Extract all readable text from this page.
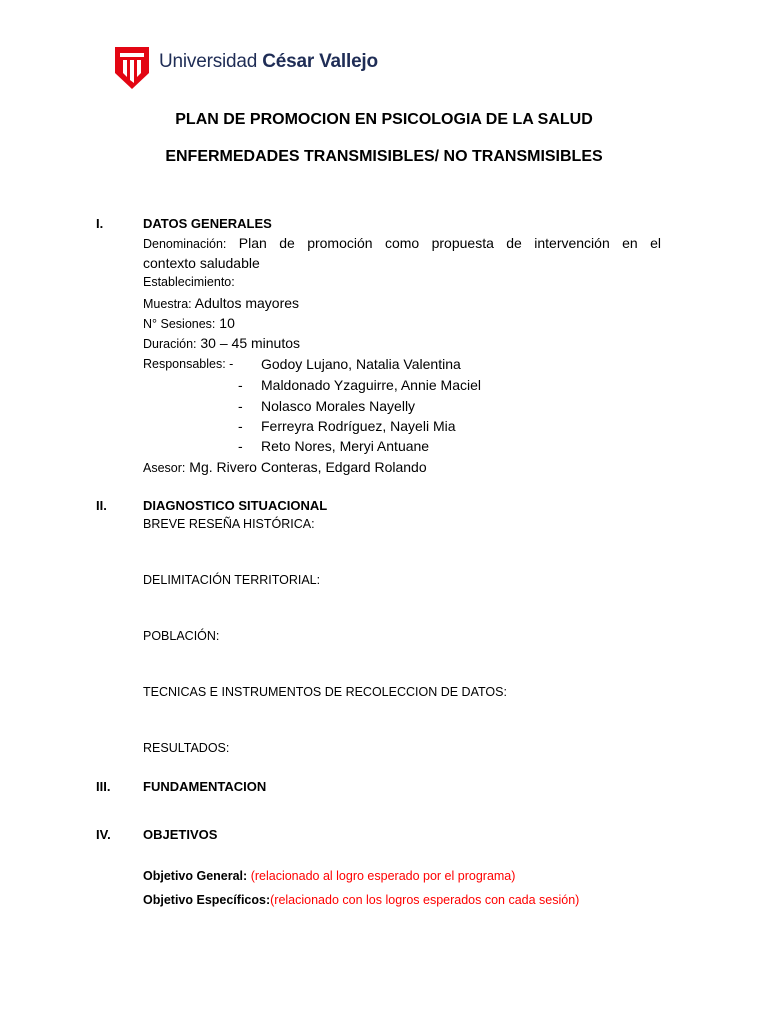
Universidad César Vallejo
PLAN DE PROMOCION EN PSICOLOGIA DE LA SALUD
ENFERMEDADES TRANSMISIBLES/ NO TRANSMISIBLES
I.	DATOS GENERALES
Denominación: Plan de promoción como propuesta de intervención en el
contexto saludable
Establecimiento:
Muestra: Adultos mayores
N° Sesiones: 10
Duración: 30 – 45 minutos
Responsables: - Godoy Lujano, Natalia Valentina
- Maldonado Yzaguirre, Annie Maciel
- Nolasco Morales Nayelly
- Ferreyra Rodríguez, Nayeli Mia
- Reto Nores, Meryi Antuane
Asesor: Mg. Rivero Conteras, Edgard Rolando
II.	DIAGNOSTICO SITUACIONAL
BREVE RESEÑA HISTÓRICA:
DELIMITACIÓN TERRITORIAL:
POBLACIÓN:
TECNICAS E INSTRUMENTOS DE RECOLECCION DE DATOS:
RESULTADOS:
III.	FUNDAMENTACION
IV. OBJETIVOS
Objetivo General: (relacionado al logro esperado por el programa)
Objetivo Específicos:(relacionado con los logros esperados con cada sesión)
